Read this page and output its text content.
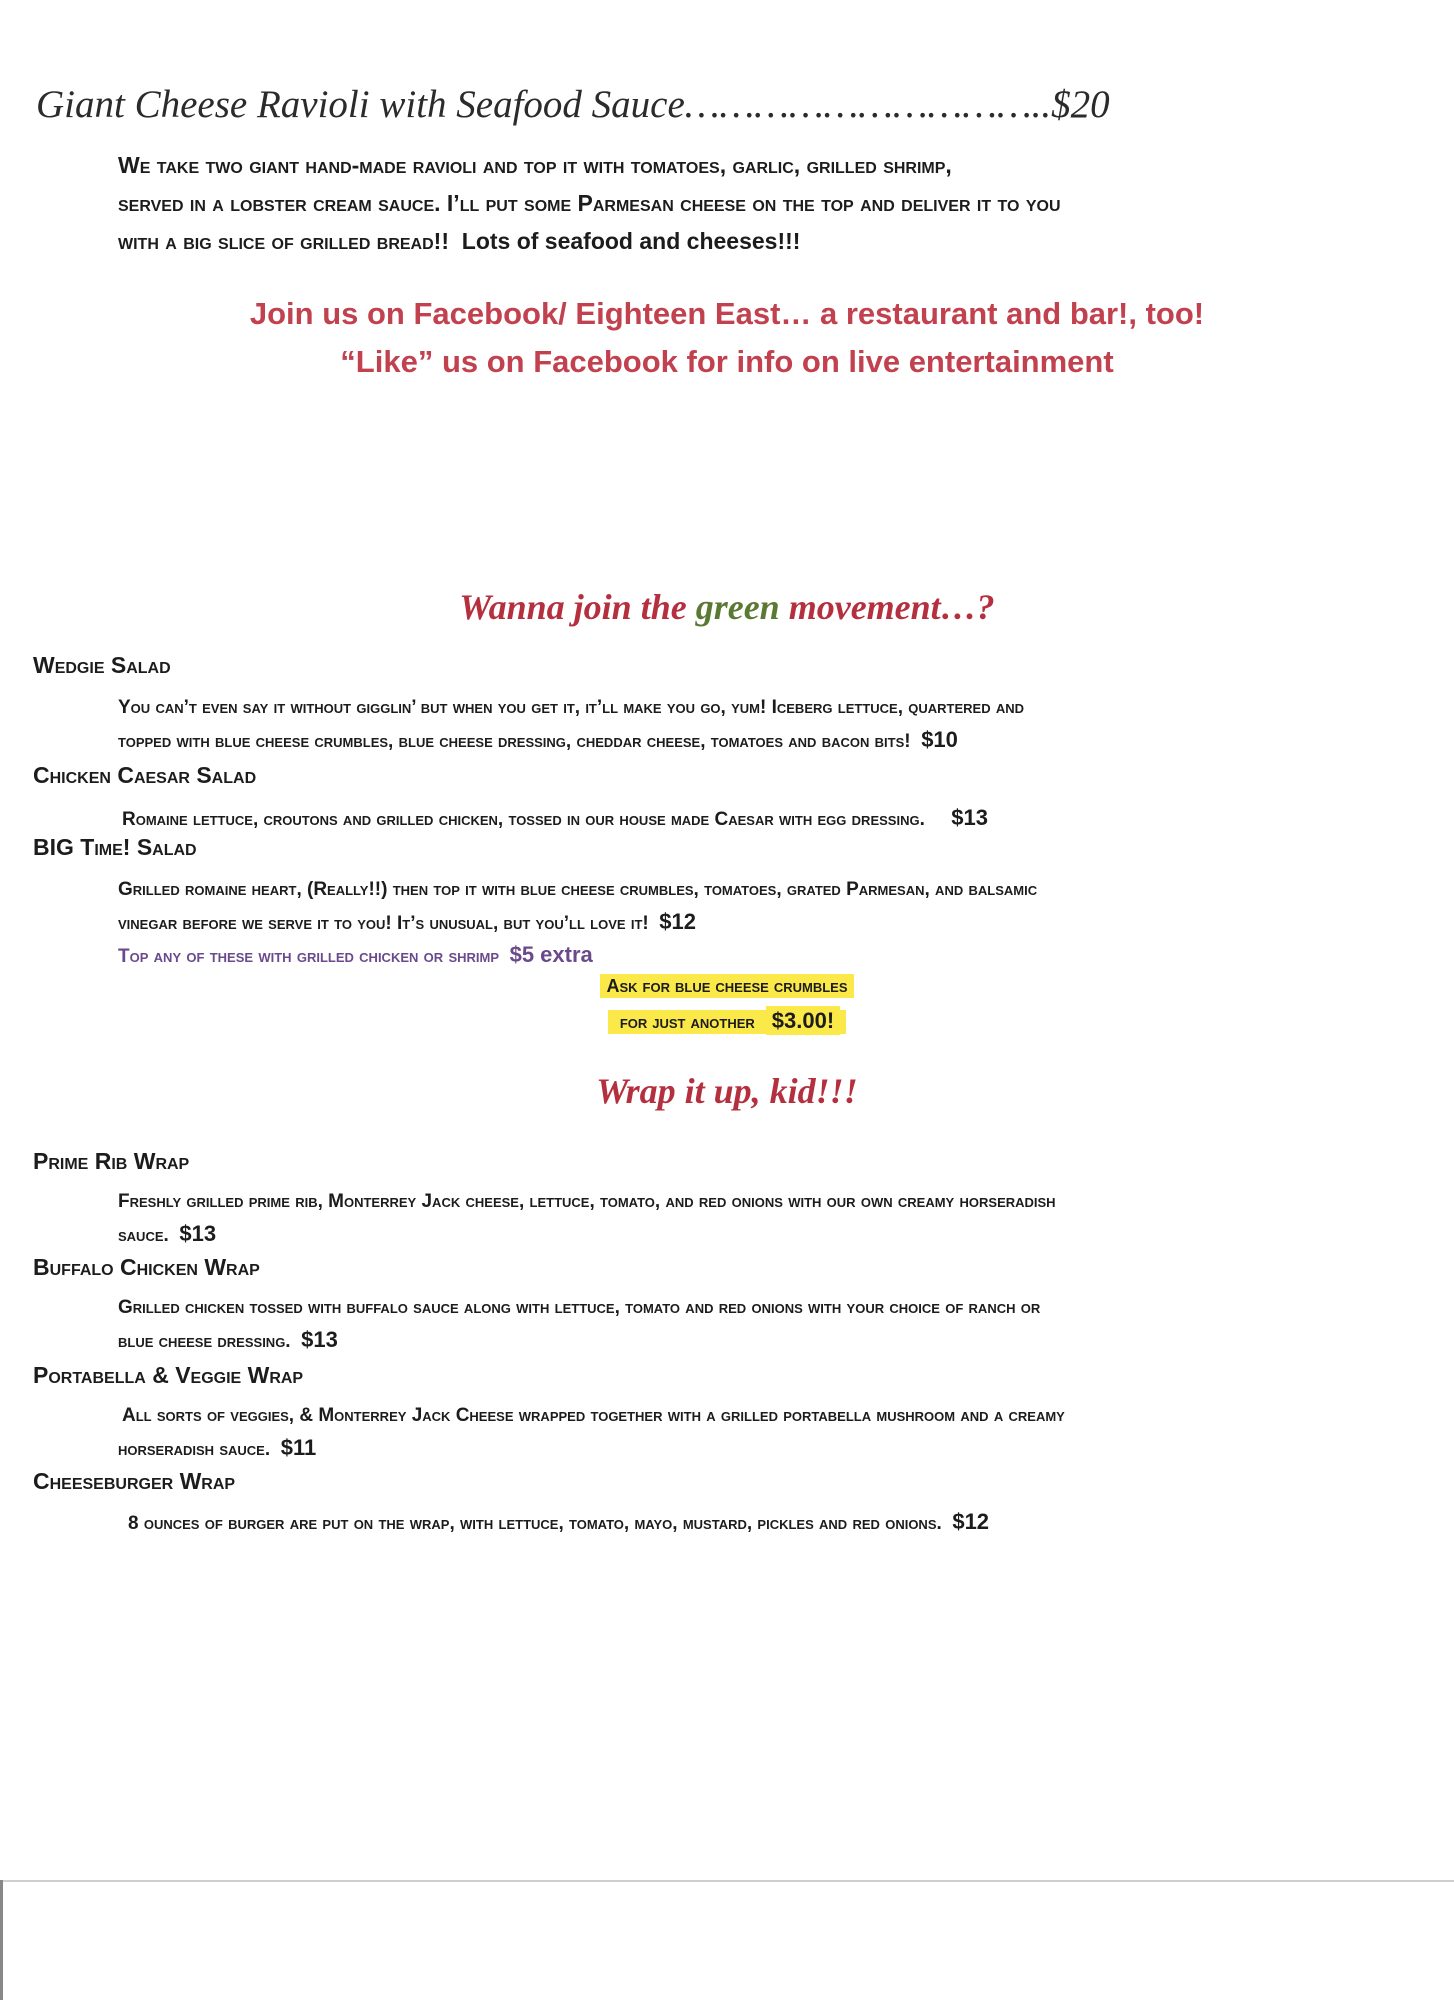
Giant Cheese Ravioli with Seafood Sauce…………………………..$20
We take two giant hand-made ravioli and top it with tomatoes, garlic, grilled shrimp,
served in a lobster cream sauce. I’ll put some Parmesan cheese on the top and deliver it to you
with a big slice of grilled bread!! Lots of seafood and cheeses!!!
Join us on Facebook/ Eighteen East… a restaurant and bar!, too!
“Like” us on Facebook for info on live entertainment
Wanna join the green movement…?
Wedgie Salad
You can’t even say it without gigglin’ but when you get it, it’ll make you go, yum! Iceberg lettuce, quartered and
topped with blue cheese crumbles, blue cheese dressing, cheddar cheese, tomatoes and bacon bits! $10
Chicken Caesar Salad
Romaine lettuce, croutons and grilled chicken, tossed in our house made Caesar with egg dressing. $13
BIG Time! Salad
Grilled romaine heart, (Really!!) then top it with blue cheese crumbles, tomatoes, grated Parmesan, and balsamic
vinegar before we serve it to you! It’s unusual, but you’ll love it! $12
Top any of these with grilled chicken or shrimp $5 extra
Ask for blue cheese crumbles
for just another $3.00!
Wrap it up, kid!!!
Prime Rib Wrap
Freshly grilled prime rib, Monterrey Jack cheese, lettuce, tomato, and red onions with our own creamy horseradish
sauce. $13
Buffalo Chicken Wrap
Grilled chicken tossed with buffalo sauce along with lettuce, tomato and red onions with your choice of ranch or
blue cheese dressing. $13
Portabella & Veggie Wrap
All sorts of veggies, & Monterrey Jack Cheese wrapped together with a grilled portabella mushroom and a creamy
horseradish sauce. $11
Cheeseburger Wrap
8 ounces of burger are put on the wrap, with lettuce, tomato, mayo, mustard, pickles and red onions. $12
